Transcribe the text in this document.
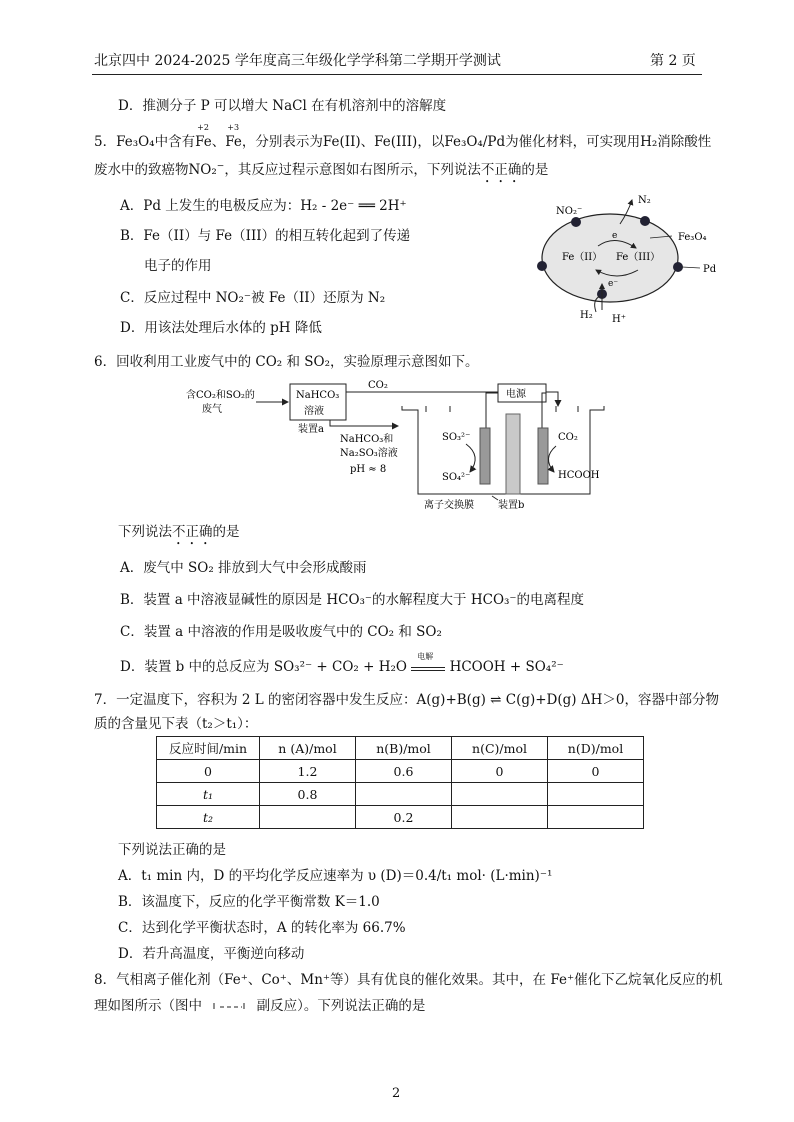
北京四中 2024-2025 学年度高三年级化学学科第二学期开学测试	第 2 页
D．推测分子 P 可以增大 NaCl 在有机溶剂中的溶解度
5．Fe₃O₄中含有
+2
Fe、
+3
Fe，分别表示为Fe(II)、Fe(III)，以Fe₃O₄/Pd为催化材料，可实现用H₂消除酸性
废水中的致癌物NO₂−，其反应过程示意图如右图所示，下列说法不正确的是
A．Pd 上发生的电极反应为：H₂ - 2e⁻ ══ 2H⁺
B．Fe（II）与 Fe（III）的相互转化起到了传递
电子的作用
C．反应过程中 NO₂⁻被 Fe（II）还原为 N₂
D．用该法处理后水体的 pH 降低
NO₂⁻
N₂
Fe₃O₄
Fe（II） Fe（III）
e
e⁻
Pd
H₂ H⁺
6．回收利用工业废气中的 CO₂ 和 SO₂，实验原理示意图如下。
含CO₂和SO₂的
废气
NaHCO₃
溶液
装置a
CO₂
NaHCO₃和
Na₂SO₃溶液
pH ≈ 8
电源
SO₃²⁻
SO₄²⁻
CO₂
HCOOH
离子交换膜 装置b
下列说法不正确的是
A．废气中 SO₂ 排放到大气中会形成酸雨
B．装置 a 中溶液显碱性的原因是 HCO₃⁻的水解程度大于 HCO₃⁻的电离程度
C．装置 a 中溶液的作用是吸收废气中的 CO₂ 和 SO₂
D．装置 b 中的总反应为 SO₃²⁻ + CO₂ + H₂O
电解
HCOOH + SO₄²⁻
7．一定温度下，容积为 2 L 的密闭容器中发生反应：A(g)+B(g) ⇌ C(g)+D(g) ΔH＞0，容器中部分物
质的含量见下表（t₂＞t₁）：
反应时间/min	n (A)/mol	n(B)/mol	n(C)/mol	n(D)/mol
0	1.2	0.6	0	0
t₁	0.8			
t₂		0.2		
下列说法正确的是
A．t₁ min 内，D 的平均化学反应速率为 υ (D)＝0.4/t₁ mol· (L·min)⁻¹
B．该温度下，反应的化学平衡常数 K＝1.0
C．达到化学平衡状态时，A 的转化率为 66.7%
D．若升高温度，平衡逆向移动
8．气相离子催化剂（Fe⁺、Co⁺、Mn⁺等）具有优良的催化效果。其中，在 Fe⁺催化下乙烷氧化反应的机
理如图所示（图中	副反应）。下列说法正确的是
2
